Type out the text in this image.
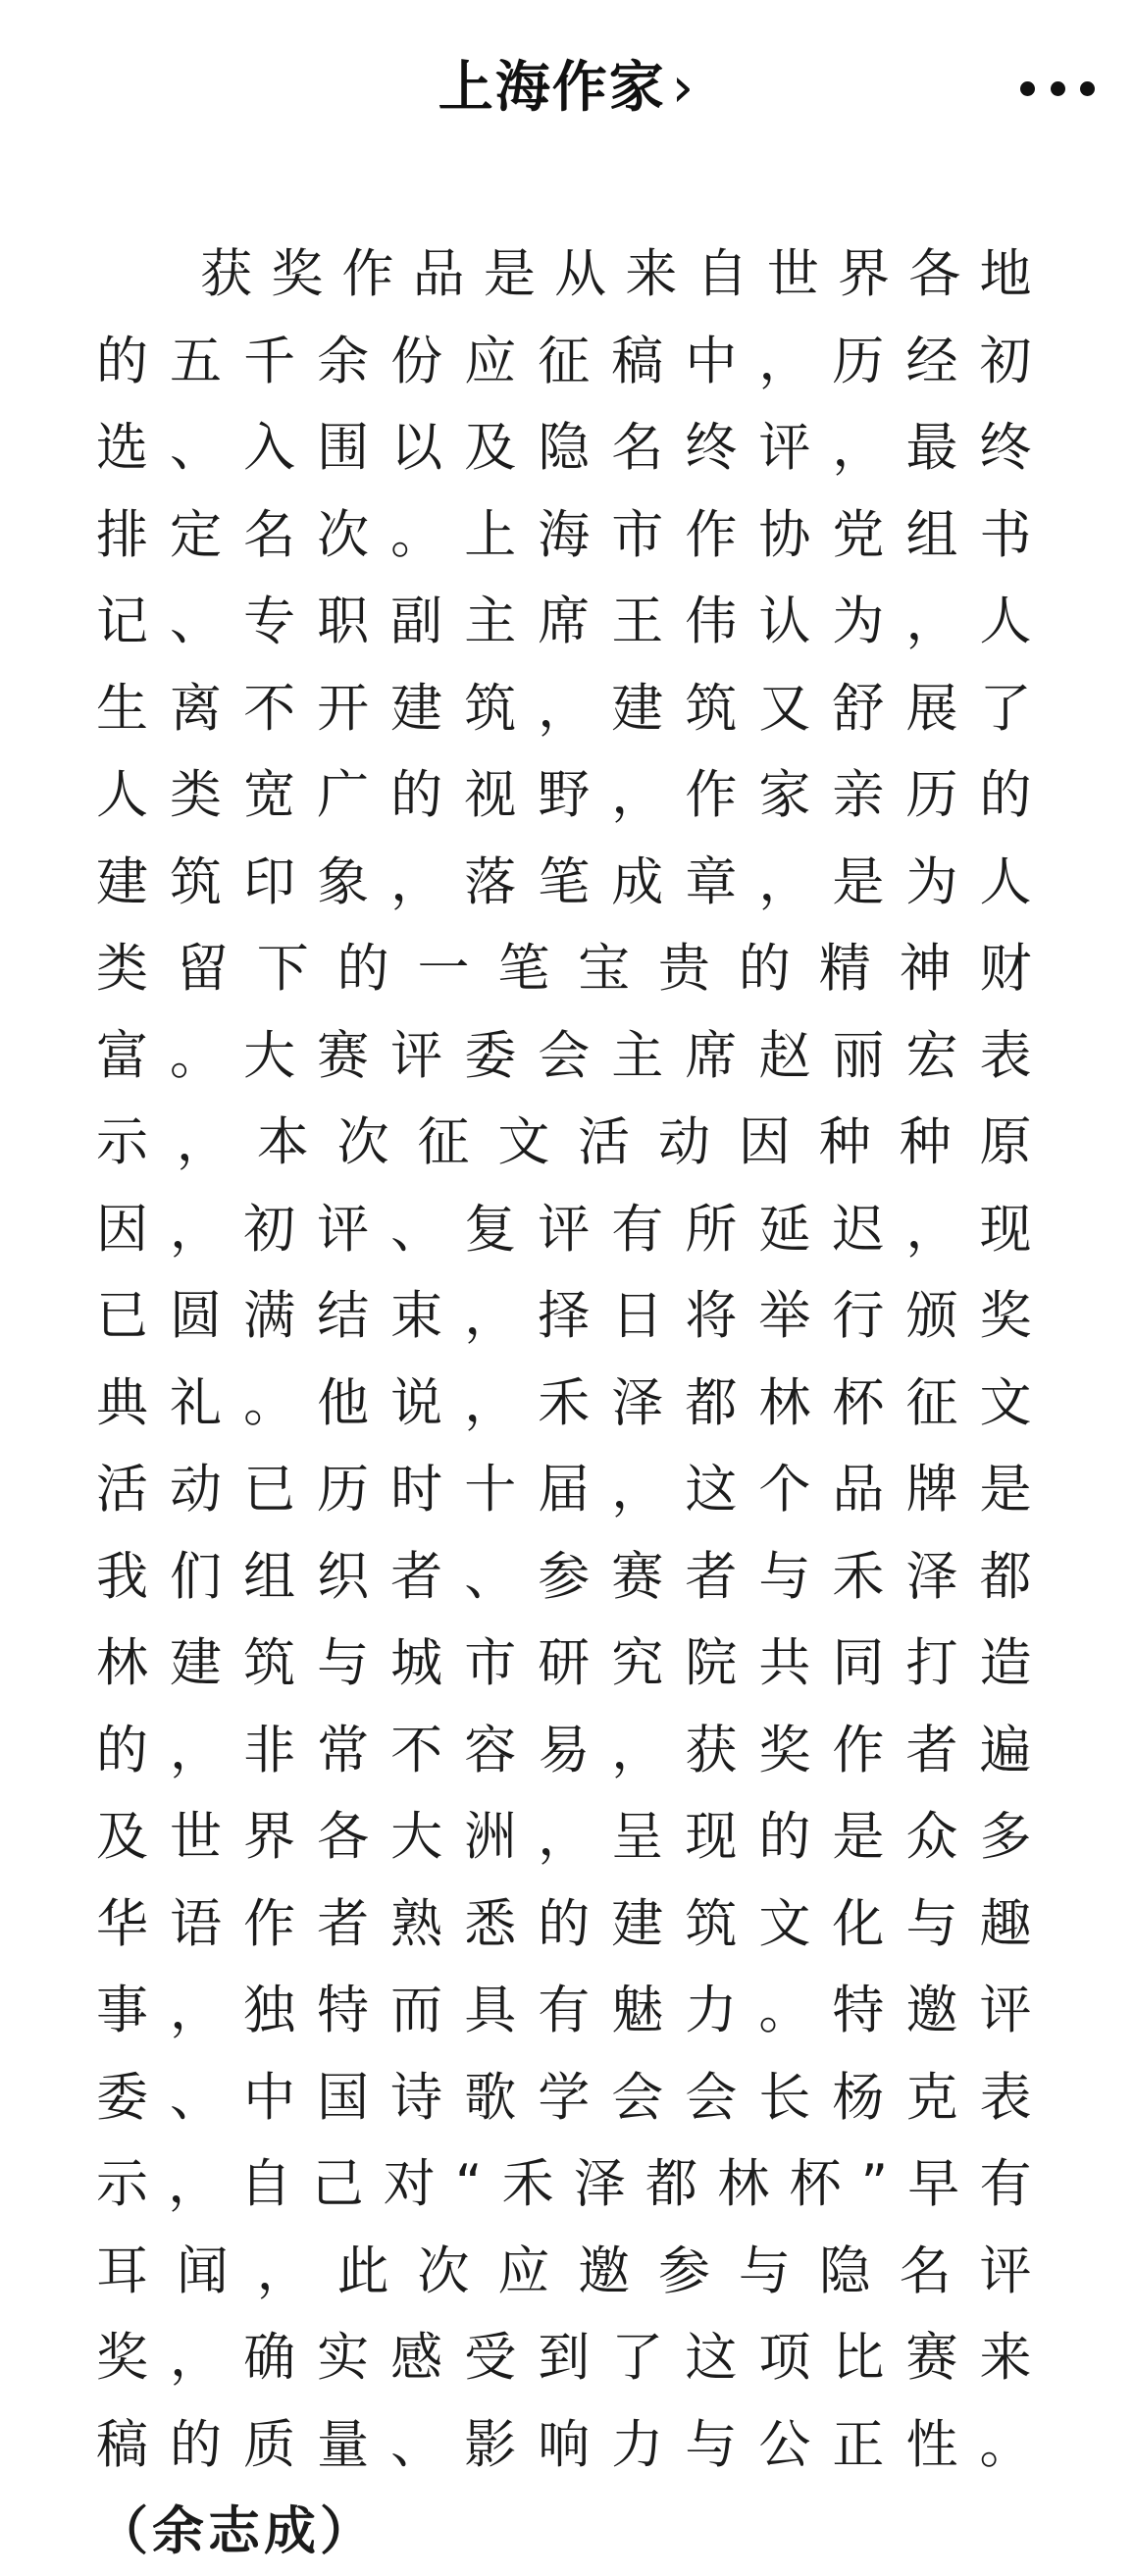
上海作家 ›

获奖作品是从来自世界各地的五千余份应征稿中，历经初选、入围以及隐名终评，最终排定名次。上海市作协党组书记、专职副主席王伟认为，人生离不开建筑，建筑又舒展了人类宽广的视野，作家亲历的建筑印象，落笔成章，是为人类留下的一笔宝贵的精神财富。大赛评委会主席赵丽宏表示，本次征文活动因种种原因，初评、复评有所延迟，现已圆满结束，择日将举行颁奖典礼。他说，禾泽都林杯征文活动已历时十届，这个品牌是我们组织者、参赛者与禾泽都林建筑与城市研究院共同打造的，非常不容易，获奖作者遍及世界各大洲，呈现的是众多华语作者熟悉的建筑文化与趣事，独特而具有魅力。特邀评委、中国诗歌学会会长杨克表示，自己对“禾泽都林杯”早有耳闻，此次应邀参与隐名评奖，确实感受到了这项比赛来稿的质量、影响力与公正性。（余志成）
